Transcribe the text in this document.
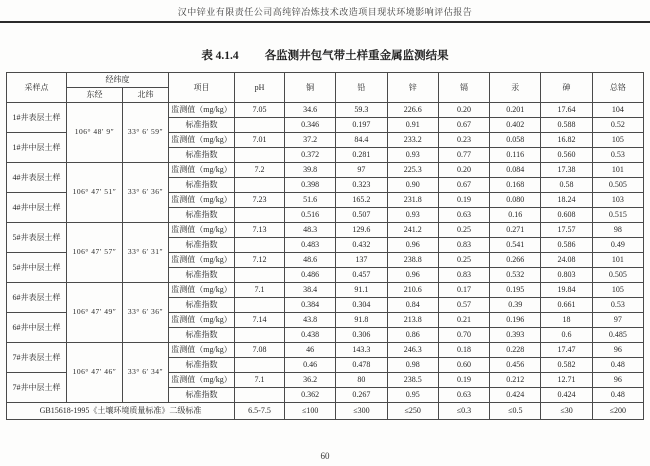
汉中锌业有限责任公司高纯锌冶炼技术改造项目现状环境影响评估报告
表 4.1.4 各监测井包气带土样重金属监测结果
采样点	经纬度		项目	pH	铜	铅	锌	镉	汞	砷	总铬
	东经	北纬									
1#井表层土样	106° 48′ 9″	33° 6′ 59″	监测值（mg/kg）	7.05	34.6	59.3	226.6	0.20	0.201	17.64	104
			标准指数		0.346	0.197	0.91	0.67	0.402	0.588	0.52
1#井中层土样			监测值（mg/kg）	7.01	37.2	84.4	233.2	0.23	0.058	16.82	105
			标准指数		0.372	0.281	0.93	0.77	0.116	0.560	0.53
4#井表层土样	106° 47′ 51″	33° 6′ 36″	监测值（mg/kg）	7.2	39.8	97	225.3	0.20	0.084	17.38	101
			标准指数		0.398	0.323	0.90	0.67	0.168	0.58	0.505
4#井中层土样			监测值（mg/kg）	7.23	51.6	165.2	231.8	0.19	0.080	18.24	103
			标准指数		0.516	0.507	0.93	0.63	0.16	0.608	0.515
5#井表层土样	106° 47′ 57″	33° 6′ 31″	监测值（mg/kg）	7.13	48.3	129.6	241.2	0.25	0.271	17.57	98
			标准指数		0.483	0.432	0.96	0.83	0.541	0.586	0.49
5#井中层土样			监测值（mg/kg）	7.12	48.6	137	238.8	0.25	0.266	24.08	101
			标准指数		0.486	0.457	0.96	0.83	0.532	0.803	0.505
6#井表层土样	106° 47′ 49″	33° 6′ 36″	监测值（mg/kg）	7.1	38.4	91.1	210.6	0.17	0.195	19.84	105
			标准指数		0.384	0.304	0.84	0.57	0.39	0.661	0.53
6#井中层土样			监测值（mg/kg）	7.14	43.8	91.8	213.8	0.21	0.196	18	97
			标准指数		0.438	0.306	0.86	0.70	0.393	0.6	0.485
7#井表层土样	106° 47′ 46″	33° 6′ 34″	监测值（mg/kg）	7.08	46	143.3	246.3	0.18	0.228	17.47	96
			标准指数		0.46	0.478	0.98	0.60	0.456	0.582	0.48
7#井中层土样			监测值（mg/kg）	7.1	36.2	80	238.5	0.19	0.212	12.71	96
			标准指数		0.362	0.267	0.95	0.63	0.424	0.424	0.48
GB15618-1995《土壤环境质量标准》二级标准				6.5-7.5	≤100	≤300	≤250	≤0.3	≤0.5	≤30	≤200
60
